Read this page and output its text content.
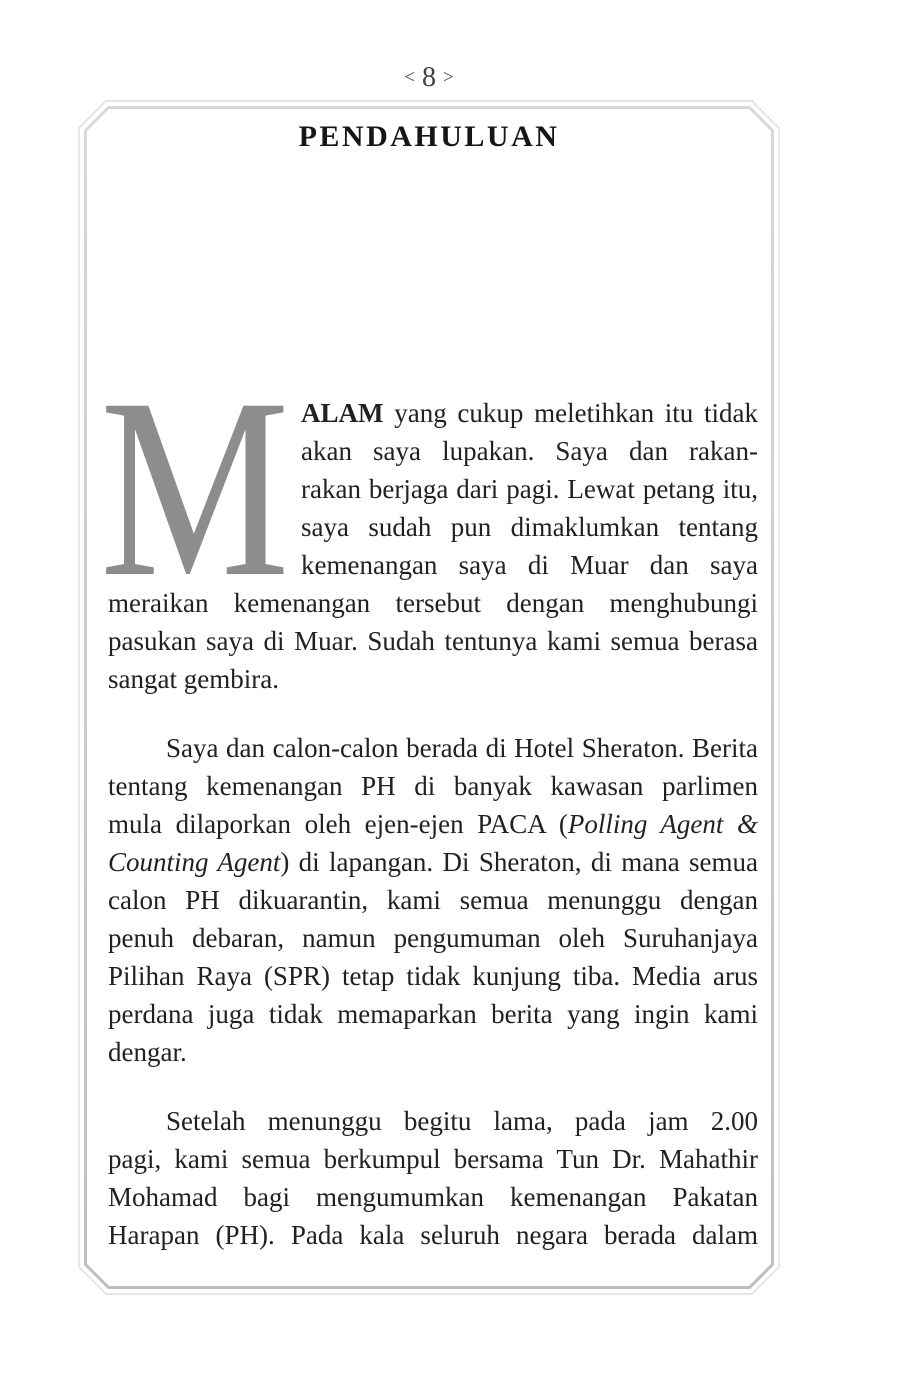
< 8 >
PENDAHULUAN
M ALAM yang cukup meletihkan itu tidak
akan saya lupakan. Saya dan rakan-
rakan berjaga dari pagi. Lewat petang itu,
saya sudah pun dimaklumkan tentang
kemenangan saya di Muar dan saya
meraikan kemenangan tersebut dengan menghubungi
pasukan saya di Muar. Sudah tentunya kami semua berasa
sangat gembira.
Saya dan calon-calon berada di Hotel Sheraton. Berita
tentang kemenangan PH di banyak kawasan parlimen
mula dilaporkan oleh ejen-ejen PACA (Polling Agent &
Counting Agent) di lapangan. Di Sheraton, di mana semua
calon PH dikuarantin, kami semua menunggu dengan
penuh debaran, namun pengumuman oleh Suruhanjaya
Pilihan Raya (SPR) tetap tidak kunjung tiba. Media arus
perdana juga tidak memaparkan berita yang ingin kami
dengar.
Setelah menunggu begitu lama, pada jam 2.00
pagi, kami semua berkumpul bersama Tun Dr. Mahathir
Mohamad bagi mengumumkan kemenangan Pakatan
Harapan (PH). Pada kala seluruh negara berada dalam
